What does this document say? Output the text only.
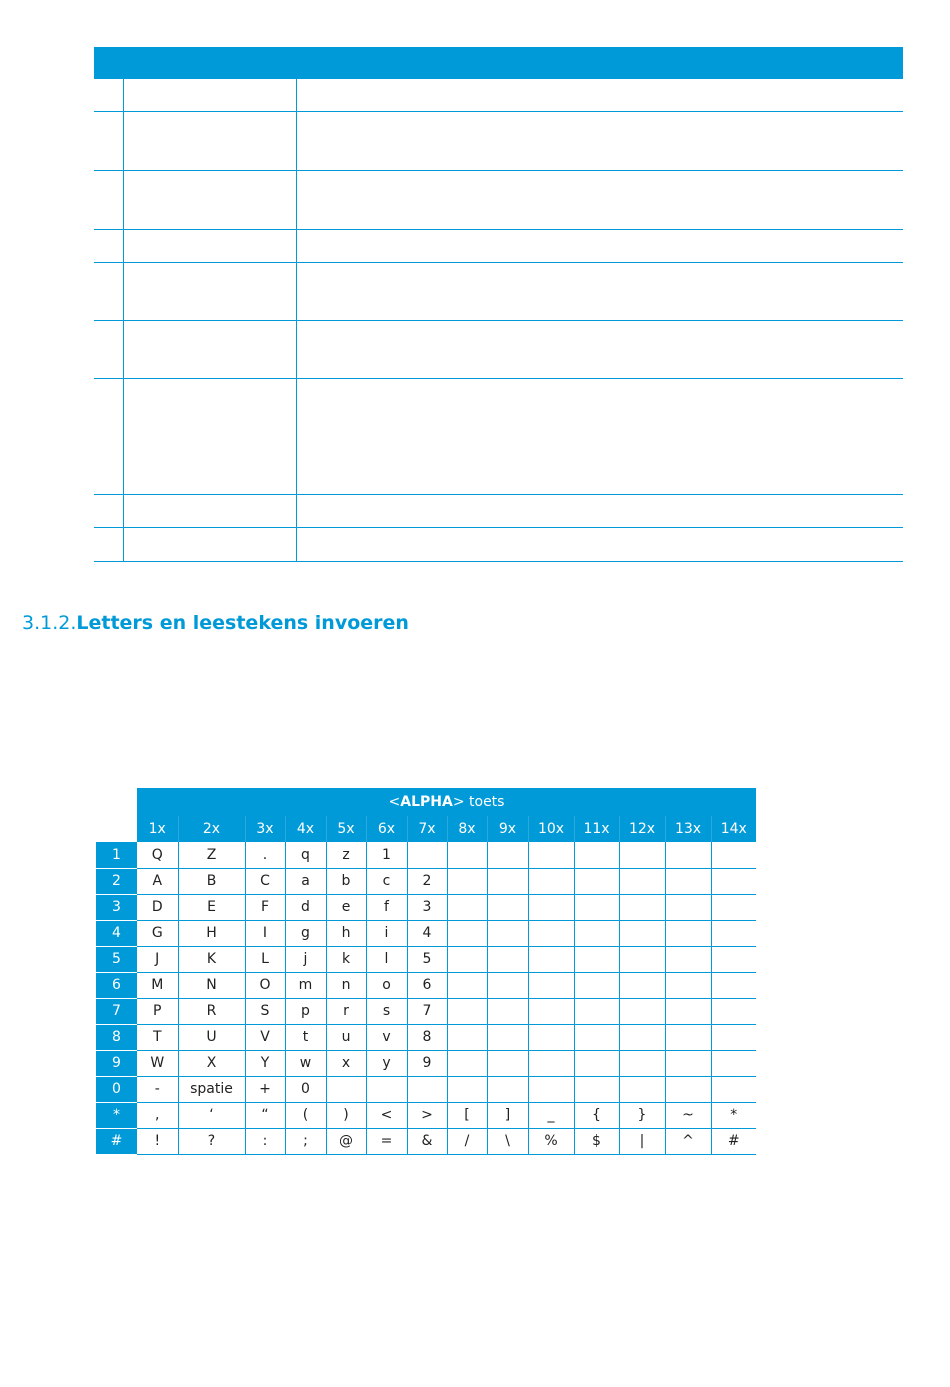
3.1.2.Letters en leestekens invoeren
	<ALPHA> toets													
	1x	2x	3x	4x	5x	6x	7x	8x	9x	10x	11x	12x	13x	14x
1	Q	Z	.	q	z	1								
2	A	B	C	a	b	c	2							
3	D	E	F	d	e	f	3							
4	G	H	I	g	h	i	4							
5	J	K	L	j	k	l	5							
6	M	N	O	m	n	o	6							
7	P	R	S	p	r	s	7							
8	T	U	V	t	u	v	8							
9	W	X	Y	w	x	y	9							
0	-	spatie	+	0										
*	,	‘	“	(	)	<	>	[	]	_	{	}	~	*
#	!	?	:	;	@	=	&	/	\	%	$	|	^	#
